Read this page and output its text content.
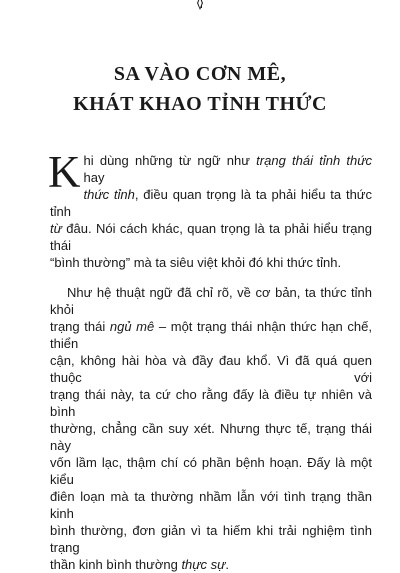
SA VÀO CƠN MÊ,
KHÁT KHAO TỈNH THỨC

K hi dùng những từ ngữ như trạng thái tỉnh thức hay
thức tỉnh, điều quan trọng là ta phải hiểu ta thức tỉnh
từ đâu. Nói cách khác, quan trọng là ta phải hiểu trạng thái
“bình thường” mà ta siêu việt khỏi đó khi thức tỉnh.

Như hệ thuật ngữ đã chỉ rõ, về cơ bản, ta thức tỉnh khỏi
trạng thái ngủ mê – một trạng thái nhận thức hạn chế, thiển
cận, không hài hòa và đầy đau khổ. Vì đã quá quen thuộc với
trạng thái này, ta cứ cho rằng đấy là điều tự nhiên và bình
thường, chẳng cần suy xét. Nhưng thực tế, trạng thái này
vốn lầm lạc, thậm chí có phần bệnh hoạn. Đấy là một kiểu
điên loạn mà ta thường nhầm lẫn với tình trạng thần kinh
bình thường, đơn giản vì ta hiếm khi trải nghiệm tình trạng
thần kinh bình thường thực sự.
